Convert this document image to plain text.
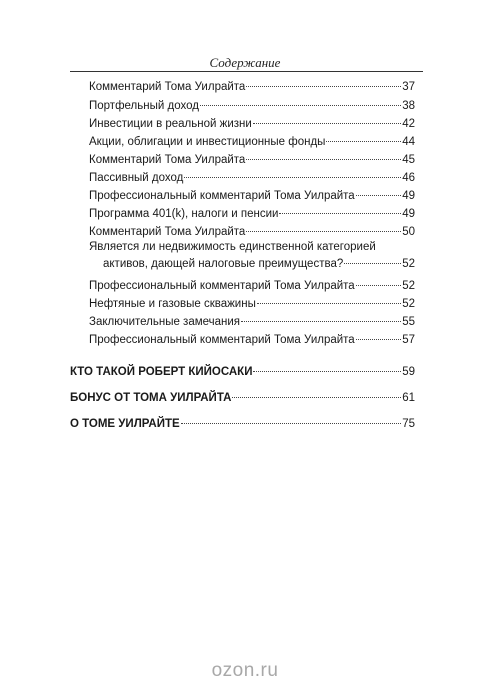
Содержание
Комментарий Тома Уилрайта	37
Портфельный доход	38
Инвестиции в реальной жизни	42
Акции, облигации и инвестиционные фонды	44
Комментарий Тома Уилрайта	45
Пассивный доход	46
Профессиональный комментарий Тома Уилрайта	49
Программа 401(k), налоги и пенсии	49
Комментарий Тома Уилрайта	50
Является ли недвижимость единственной категорией
активов, дающей налоговые преимущества?	52
Профессиональный комментарий Тома Уилрайта	52
Нефтяные и газовые скважины	52
Заключительные замечания	55
Профессиональный комментарий Тома Уилрайта	57
КТО ТАКОЙ РОБЕРТ КИЙОСАКИ	59
БОНУС ОТ ТОМА УИЛРАЙТА	61
О ТОМЕ УИЛРАЙТЕ	75
ozon.ru
